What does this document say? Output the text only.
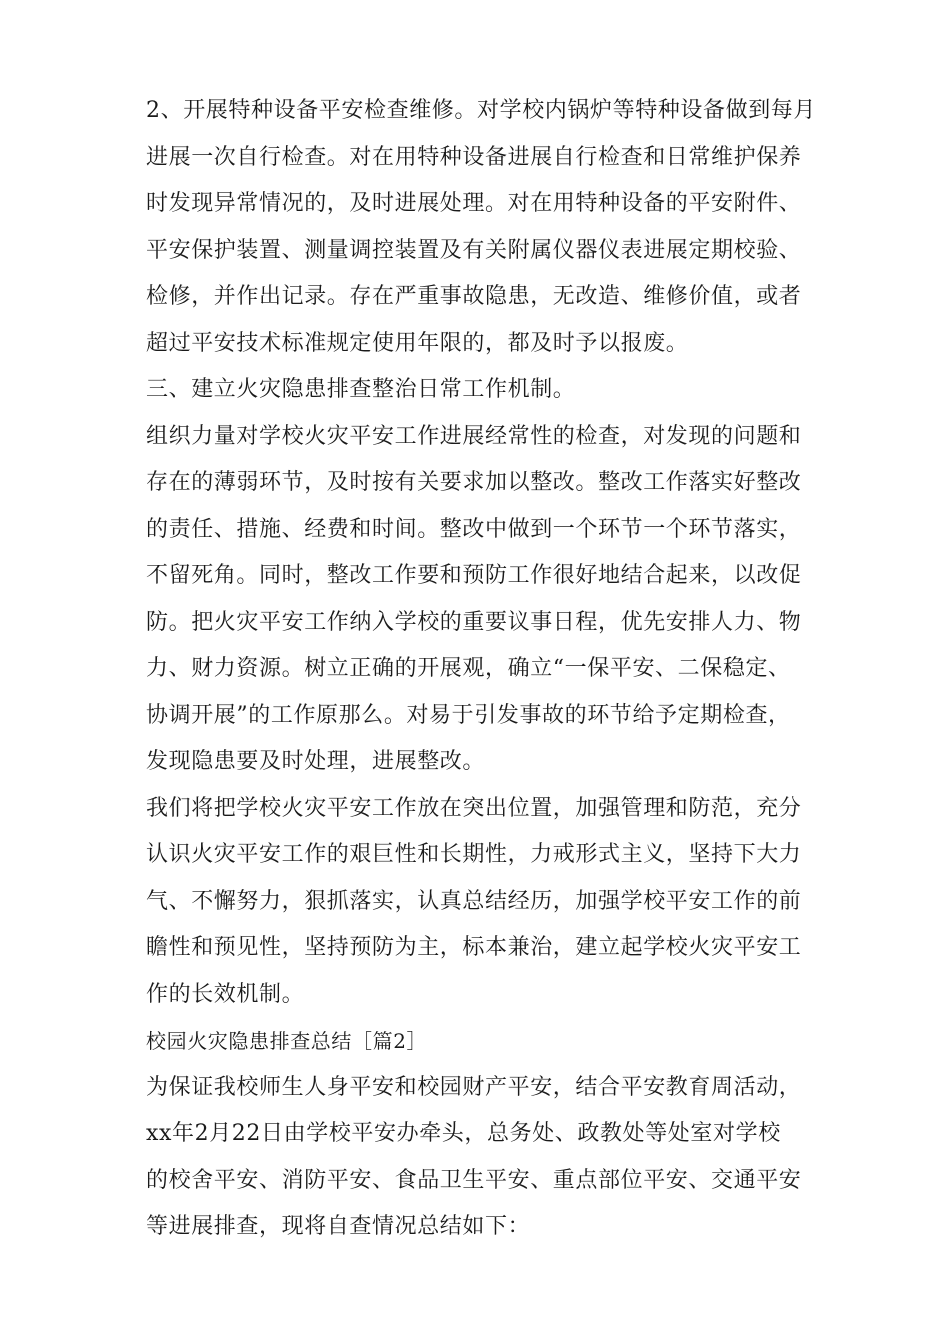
2、开展特种设备平安检查维修。对学校内锅炉等特种设备做到每月
进展一次自行检查。对在用特种设备进展自行检查和日常维护保养
时发现异常情况的，及时进展处理。对在用特种设备的平安附件、
平安保护装置、测量调控装置及有关附属仪器仪表进展定期校验、
检修，并作出记录。存在严重事故隐患，无改造、维修价值，或者
超过平安技术标准规定使用年限的，都及时予以报废。
三、建立火灾隐患排查整治日常工作机制。
组织力量对学校火灾平安工作进展经常性的检查，对发现的问题和
存在的薄弱环节，及时按有关要求加以整改。整改工作落实好整改
的责任、措施、经费和时间。整改中做到一个环节一个环节落实，
不留死角。同时，整改工作要和预防工作很好地结合起来，以改促
防。把火灾平安工作纳入学校的重要议事日程，优先安排人力、物
力、财力资源。树立正确的开展观，确立“一保平安、二保稳定、
协调开展”的工作原那么。对易于引发事故的环节给予定期检查，
发现隐患要及时处理，进展整改。
我们将把学校火灾平安工作放在突出位置，加强管理和防范，充分
认识火灾平安工作的艰巨性和长期性，力戒形式主义，坚持下大力
气、不懈努力，狠抓落实，认真总结经历，加强学校平安工作的前
瞻性和预见性，坚持预防为主，标本兼治，建立起学校火灾平安工
作的长效机制。
校园火灾隐患排查总结［篇2］
为保证我校师生人身平安和校园财产平安，结合平安教育周活动，
xx年2月22日由学校平安办牵头，总务处、政教处等处室对学校
的校舍平安、消防平安、食品卫生平安、重点部位平安、交通平安
等进展排查，现将自查情况总结如下：
